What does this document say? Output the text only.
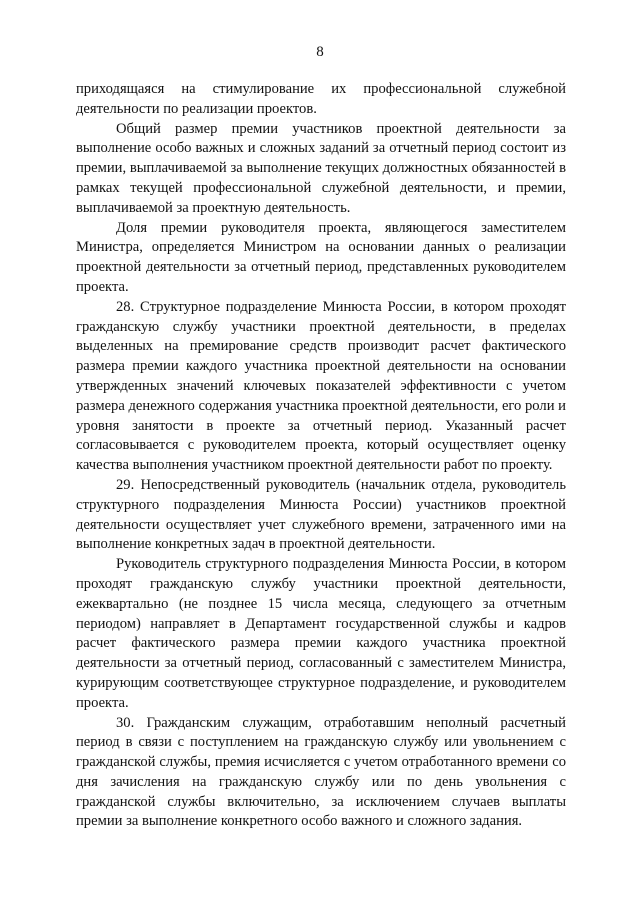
8

приходящаяся на стимулирование их профессиональной служебной деятельности по реализации проектов.

Общий размер премии участников проектной деятельности за выполнение особо важных и сложных заданий за отчетный период состоит из премии, выплачиваемой за выполнение текущих должностных обязанностей в рамках текущей профессиональной служебной деятельности, и премии, выплачиваемой за проектную деятельность.

Доля премии руководителя проекта, являющегося заместителем Министра, определяется Министром на основании данных о реализации проектной деятельности за отчетный период, представленных руководителем проекта.

28. Структурное подразделение Минюста России, в котором проходят гражданскую службу участники проектной деятельности, в пределах выделенных на премирование средств производит расчет фактического размера премии каждого участника проектной деятельности на основании утвержденных значений ключевых показателей эффективности с учетом размера денежного содержания участника проектной деятельности, его роли и уровня занятости в проекте за отчетный период. Указанный расчет согласовывается с руководителем проекта, который осуществляет оценку качества выполнения участником проектной деятельности работ по проекту.

29. Непосредственный руководитель (начальник отдела, руководитель структурного подразделения Минюста России) участников проектной деятельности осуществляет учет служебного времени, затраченного ими на выполнение конкретных задач в проектной деятельности.

Руководитель структурного подразделения Минюста России, в котором проходят гражданскую службу участники проектной деятельности, ежеквартально (не позднее 15 числа месяца, следующего за отчетным периодом) направляет в Департамент государственной службы и кадров расчет фактического размера премии каждого участника проектной деятельности за отчетный период, согласованный с заместителем Министра, курирующим соответствующее структурное подразделение, и руководителем проекта.

30. Гражданским служащим, отработавшим неполный расчетный период в связи с поступлением на гражданскую службу или увольнением с гражданской службы, премия исчисляется с учетом отработанного времени со дня зачисления на гражданскую службу или по день увольнения с гражданской службы включительно, за исключением случаев выплаты премии за выполнение конкретного особо важного и сложного задания.
